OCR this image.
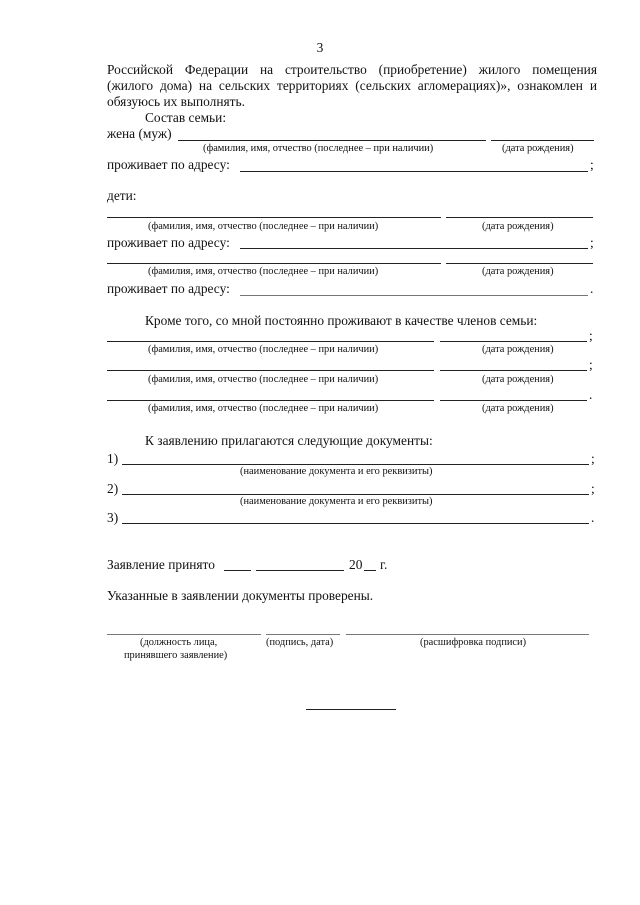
3
Российской Федерации на строительство (приобретение) жилого помещения
(жилого дома) на сельских территориях (сельских агломерациях)», ознакомлен и
обязуюсь их выполнять.
Состав семьи:
жена (муж)
(фамилия, имя, отчество (последнее – при наличии)	(дата рождения)
проживает по адресу:	;
дети:
(фамилия, имя, отчество (последнее – при наличии)	(дата рождения)
проживает по адресу:	;
(фамилия, имя, отчество (последнее – при наличии)	(дата рождения)
проживает по адресу:	.
Кроме того, со мной постоянно проживают в качестве членов семьи:
;
(фамилия, имя, отчество (последнее – при наличии)	(дата рождения)
;
(фамилия, имя, отчество (последнее – при наличии)	(дата рождения)
.
(фамилия, имя, отчество (последнее – при наличии)	(дата рождения)
К заявлению прилагаются следующие документы:
1)	;
(наименование документа и его реквизиты)
2)	;
(наименование документа и его реквизиты)
3)	.
Заявление принято	20 г.
Указанные в заявлении документы проверены.
(должность лица,
принявшего заявление)
(подпись, дата)	(расшифровка подписи)
